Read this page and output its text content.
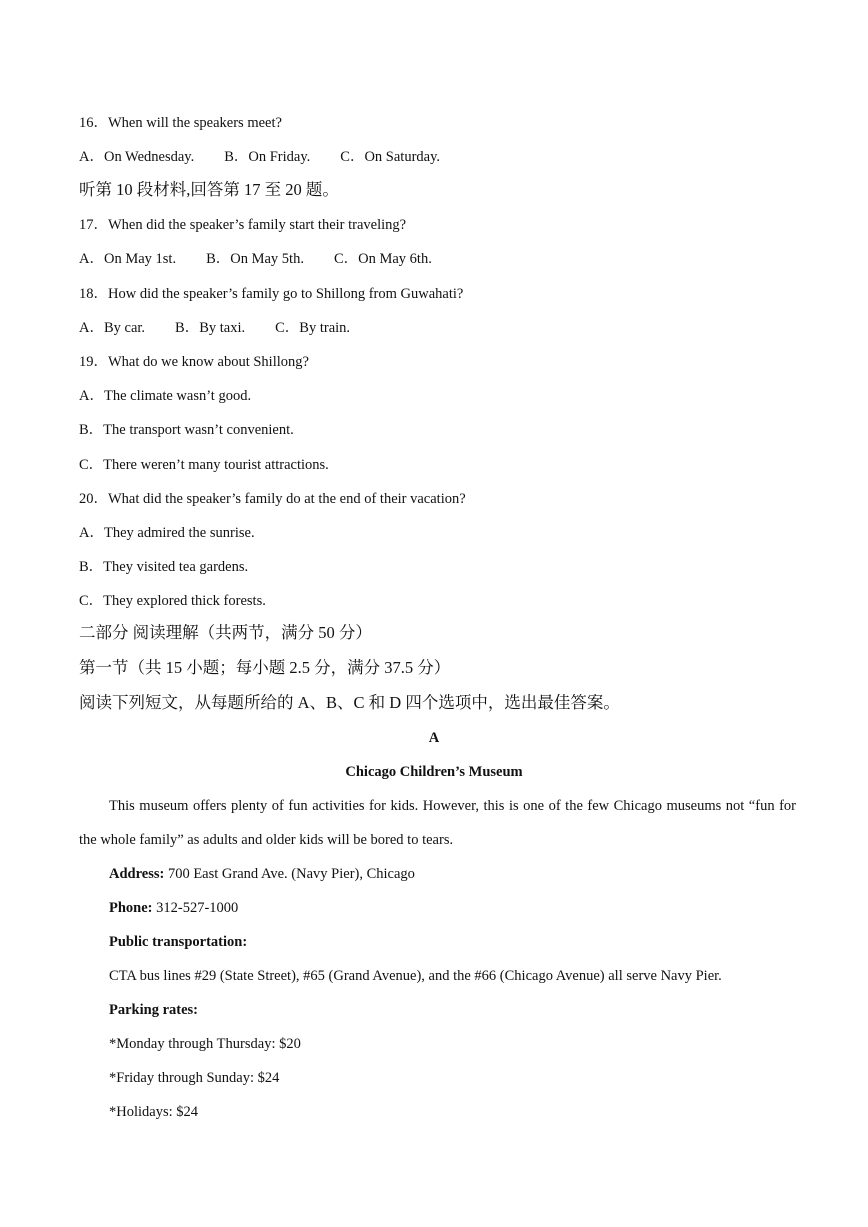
16．When will the speakers meet?
A．On Wednesday. B．On Friday. C．On Saturday.
听第 10 段材料,回答第 17 至 20 题。
17．When did the speaker’s family start their traveling?
A．On May 1st. B．On May 5th. C．On May 6th.
18．How did the speaker’s family go to Shillong from Guwahati?
A．By car. B．By taxi. C．By train.
19．What do we know about Shillong?
A．The climate wasn’t good.
B．The transport wasn’t convenient.
C．There weren’t many tourist attractions.
20．What did the speaker’s family do at the end of their vacation?
A．They admired the sunrise.
B．They visited tea gardens.
C．They explored thick forests.
二部分 阅读理解（共两节，满分 50 分）
第一节（共 15 小题；每小题 2.5 分，满分 37.5 分）
阅读下列短文，从每题所给的 A、B、C 和 D 四个选项中，选出最佳答案。
A
Chicago Children’s Museum
This museum offers plenty of fun activities for kids. However, this is one of the few Chicago museums not “fun for the whole family” as adults and older kids will be bored to tears.
Address: 700 East Grand Ave. (Navy Pier), Chicago
Phone: 312-527-1000
Public transportation:
CTA bus lines #29 (State Street), #65 (Grand Avenue), and the #66 (Chicago Avenue) all serve Navy Pier.
Parking rates:
*Monday through Thursday: $20
*Friday through Sunday: $24
*Holidays: $24
